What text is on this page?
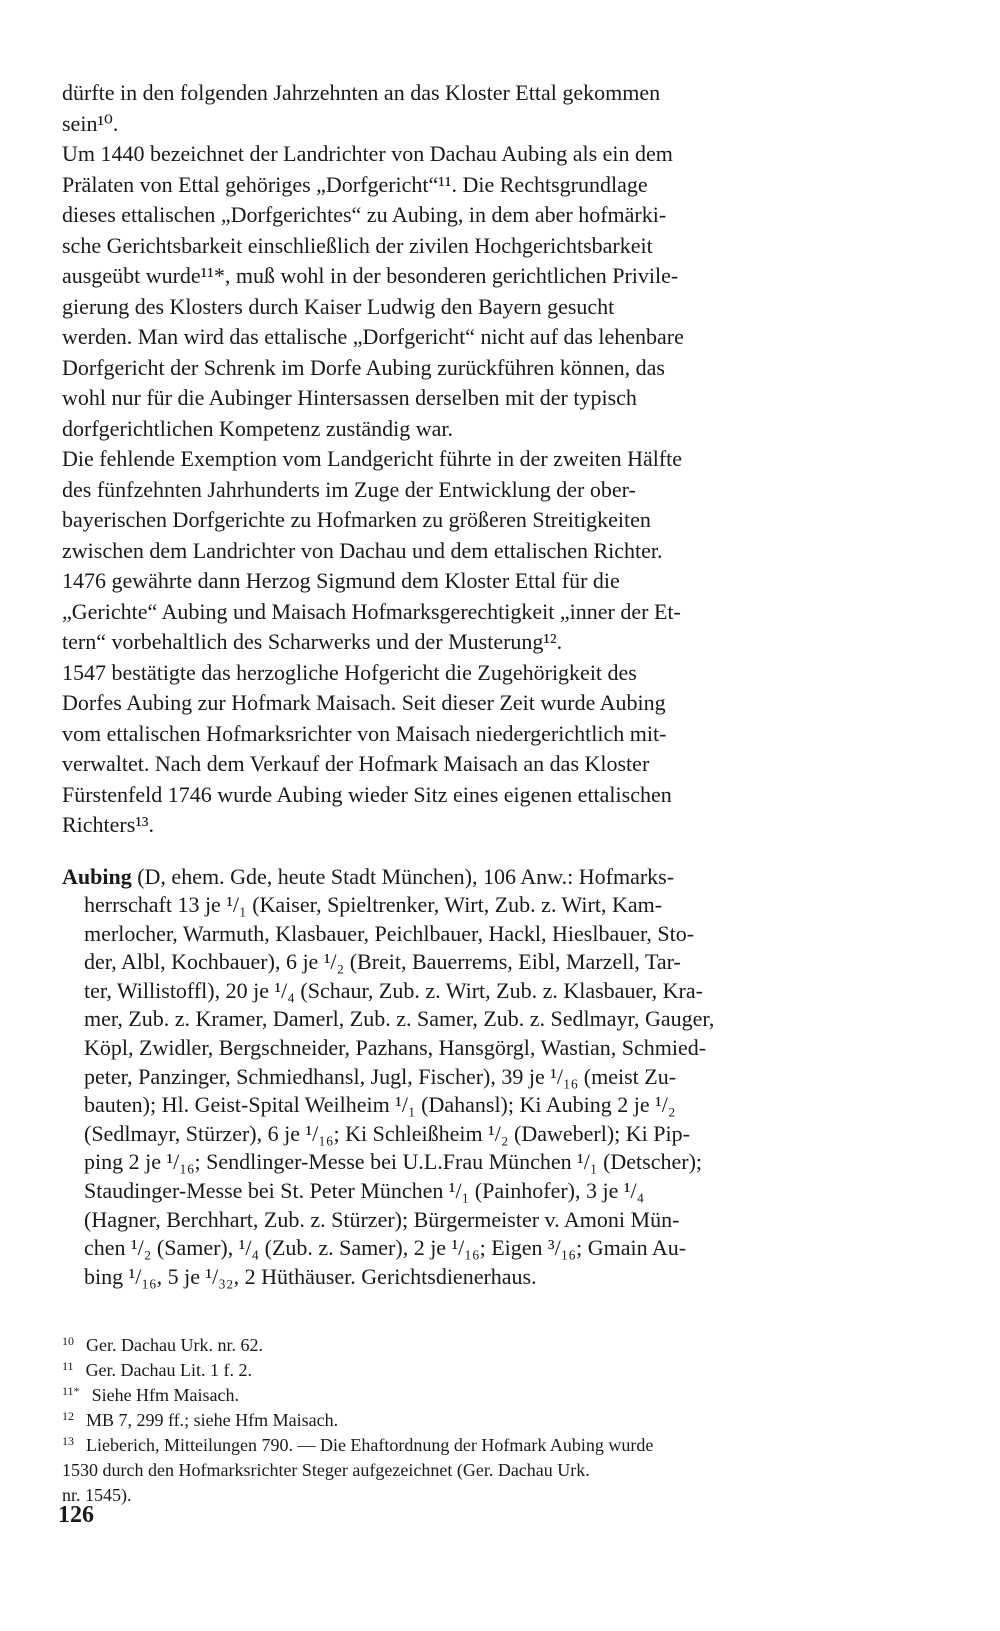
dürfte in den folgenden Jahrzehnten an das Kloster Ettal gekommen
sein¹⁰.

Um 1440 bezeichnet der Landrichter von Dachau Aubing als ein dem
Prälaten von Ettal gehöriges „Dorfgericht“¹¹. Die Rechtsgrundlage
dieses ettalischen „Dorfgerichtes“ zu Aubing, in dem aber hofmärki-
sche Gerichtsbarkeit einschließlich der zivilen Hochgerichtsbarkeit
ausgeübt wurde¹¹*, muß wohl in der besonderen gerichtlichen Privile-
gierung des Klosters durch Kaiser Ludwig den Bayern gesucht
werden. Man wird das ettalische „Dorfgericht“ nicht auf das lehenbare
Dorfgericht der Schrenk im Dorfe Aubing zurückführen können, das
wohl nur für die Aubinger Hintersassen derselben mit der typisch
dorfgerichtlichen Kompetenz zuständig war.

Die fehlende Exemption vom Landgericht führte in der zweiten Hälfte
des fünfzehnten Jahrhunderts im Zuge der Entwicklung der ober-
bayerischen Dorfgerichte zu Hofmarken zu größeren Streitigkeiten
zwischen dem Landrichter von Dachau und dem ettalischen Richter.
1476 gewährte dann Herzog Sigmund dem Kloster Ettal für die
„Gerichte“ Aubing und Maisach Hofmarksgerechtigkeit „inner der Et-
tern“ vorbehaltlich des Scharwerks und der Musterung¹².

1547 bestätigte das herzogliche Hofgericht die Zugehörigkeit des
Dorfes Aubing zur Hofmark Maisach. Seit dieser Zeit wurde Aubing
vom ettalischen Hofmarksrichter von Maisach niedergerichtlich mit-
verwaltet. Nach dem Verkauf der Hofmark Maisach an das Kloster
Fürstenfeld 1746 wurde Aubing wieder Sitz eines eigenen ettalischen
Richters¹³.

Aubing (D, ehem. Gde, heute Stadt München), 106 Anw.: Hofmarks-
herrschaft 13 je ¹/₁ (Kaiser, Spieltrenker, Wirt, Zub. z. Wirt, Kam-
merlocher, Warmuth, Klasbauer, Peichlbauer, Hackl, Hieslbauer, Sto-
der, Albl, Kochbauer), 6 je ¹/₂ (Breit, Bauerrems, Eibl, Marzell, Tar-
ter, Willistoffl), 20 je ¹/₄ (Schaur, Zub. z. Wirt, Zub. z. Klasbauer, Kra-
mer, Zub. z. Kramer, Damerl, Zub. z. Samer, Zub. z. Sedlmayr, Gauger,
Köpl, Zwidler, Bergschneider, Pazhans, Hansgörgl, Wastian, Schmied-
peter, Panzinger, Schmiedhansl, Jugl, Fischer), 39 je ¹/₁₆ (meist Zu-
bauten); Hl. Geist-Spital Weilheim ¹/₁ (Dahansl); Ki Aubing 2 je ¹/₂
(Sedlmayr, Stürzer), 6 je ¹/₁₆; Ki Schleißheim ¹/₂ (Daweberl); Ki Pip-
ping 2 je ¹/₁₆; Sendlinger-Messe bei U.L.Frau München ¹/₁ (Detscher);
Staudinger-Messe bei St. Peter München ¹/₁ (Painhofer), 3 je ¹/₄
(Hagner, Berchhart, Zub. z. Stürzer); Bürgermeister v. Amoni Mün-
chen ¹/₂ (Samer), ¹/₄ (Zub. z. Samer), 2 je ¹/₁₆; Eigen ³/₁₆; Gmain Au-
bing ¹/₁₆, 5 je ¹/₃₂, 2 Hüthäuser. Gerichtsdienerhaus.

$^{10}$ Ger. Dachau Urk. nr. 62.
$^{11}$ Ger. Dachau Lit. 1 f. 2.
$^{11*}$ Siehe Hfm Maisach.
$^{12}$ MB 7, 299 ff.; siehe Hfm Maisach.
$^{13}$ Lieberich, Mitteilungen 790. — Die Ehaftordnung der Hofmark Aubing wurde
1530 durch den Hofmarksrichter Steger aufgezeichnet (Ger. Dachau Urk.
nr. 1545).
126
